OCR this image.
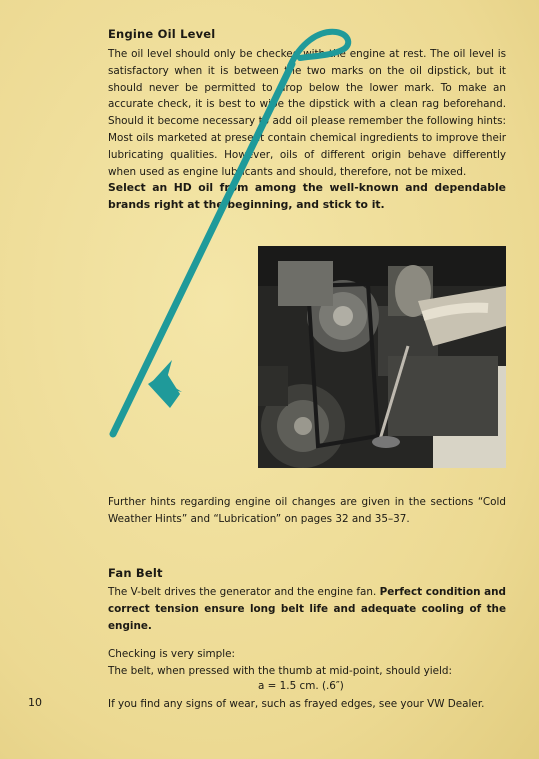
Engine Oil Level

The oil level should only be checked with the engine at rest. The oil level is satisfactory when it is between the two marks on the oil dipstick, but it should never be permitted to drop below the lower mark. To make an accurate check, it is best to wipe the dipstick with a clean rag beforehand. Should it become necessary to add oil please remember the following hints: Most oils marketed at present contain chemical ingredients to improve their lubricating qualities. However, oils of different origin behave differently when used as engine lubricants and should, therefore, not be mixed.

Select an HD oil from among the well-known and dependable brands right at the beginning, and stick to it.

Further hints regarding engine oil changes are given in the sections “Cold Weather Hints” and “Lubrication” on pages 32 and 35–37.

Fan Belt

The V-belt drives the generator and the engine fan. Perfect condition and correct tension ensure long belt life and adequate cooling of the engine.

Checking is very simple:

The belt, when pressed with the thumb at mid-point, should yield:

a = 1.5 cm. (.6″)

If you find any signs of wear, such as frayed edges, see your VW Dealer.

10
